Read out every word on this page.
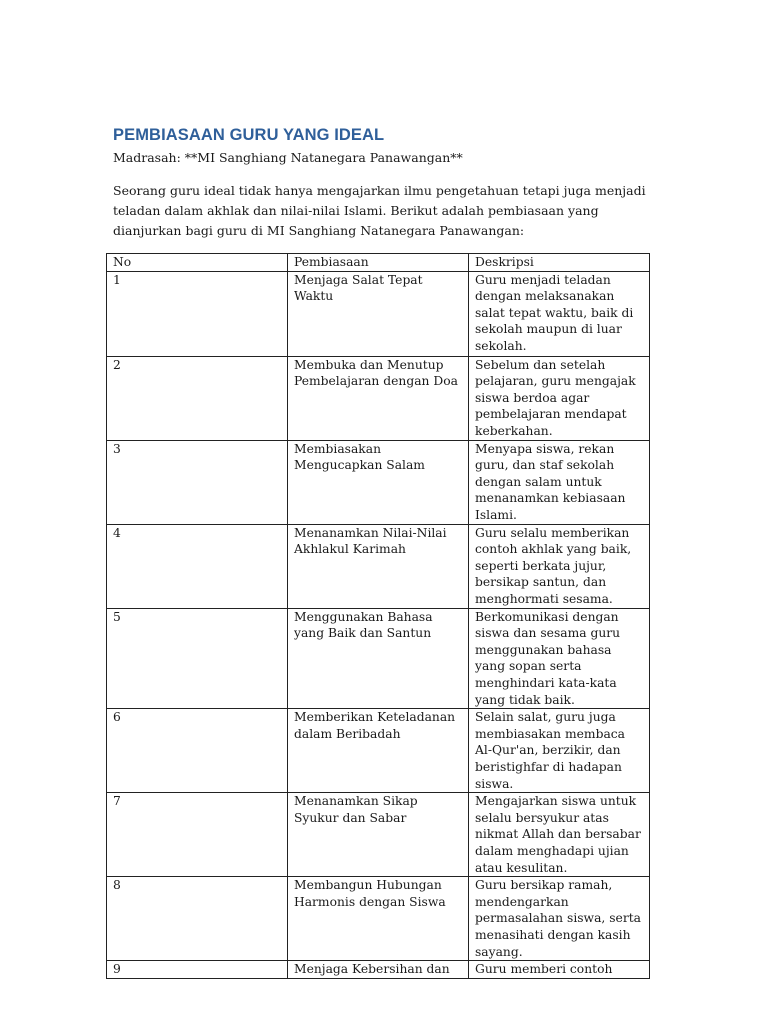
PEMBIASAAN GURU YANG IDEAL
Madrasah: **MI Sanghiang Natanegara Panawangan**
Seorang guru ideal tidak hanya mengajarkan ilmu pengetahuan tetapi juga menjadi teladan dalam akhlak dan nilai-nilai Islami. Berikut adalah pembiasaan yang dianjurkan bagi guru di MI Sanghiang Natanegara Panawangan:
No	Pembiasaan	Deskripsi
1	Menjaga Salat Tepat Waktu	Guru menjadi teladan dengan melaksanakan salat tepat waktu, baik di sekolah maupun di luar sekolah.
2	Membuka dan Menutup Pembelajaran dengan Doa	Sebelum dan setelah pelajaran, guru mengajak siswa berdoa agar pembelajaran mendapat keberkahan.
3	Membiasakan Mengucapkan Salam	Menyapa siswa, rekan guru, dan staf sekolah dengan salam untuk menanamkan kebiasaan Islami.
4	Menanamkan Nilai-Nilai Akhlakul Karimah	Guru selalu memberikan contoh akhlak yang baik, seperti berkata jujur, bersikap santun, dan menghormati sesama.
5	Menggunakan Bahasa yang Baik dan Santun	Berkomunikasi dengan siswa dan sesama guru menggunakan bahasa yang sopan serta menghindari kata-kata yang tidak baik.
6	Memberikan Keteladanan dalam Beribadah	Selain salat, guru juga membiasakan membaca Al-Qur'an, berzikir, dan beristighfar di hadapan siswa.
7	Menanamkan Sikap Syukur dan Sabar	Mengajarkan siswa untuk selalu bersyukur atas nikmat Allah dan bersabar dalam menghadapi ujian atau kesulitan.
8	Membangun Hubungan Harmonis dengan Siswa	Guru bersikap ramah, mendengarkan permasalahan siswa, serta menasihati dengan kasih sayang.
9	Menjaga Kebersihan dan	Guru memberi contoh
